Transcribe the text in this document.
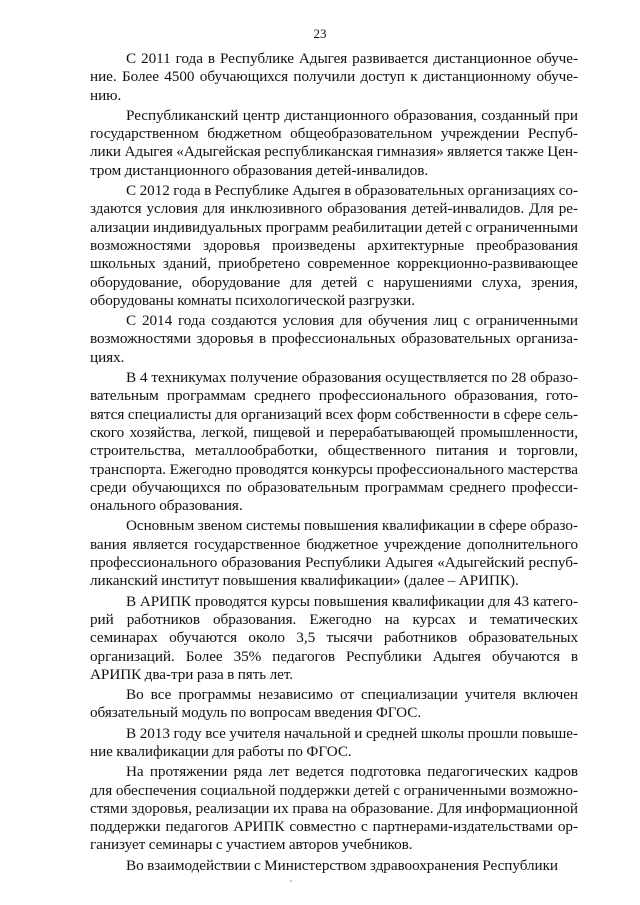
23

С 2011 года в Республике Адыгея развивается дистанционное обучение. Более 4500 обучающихся получили доступ к дистанционному обучению.

Республиканский центр дистанционного образования, созданный при государственном бюджетном общеобразовательном учреждении Республики Адыгея «Адыгейская республиканская гимназия» является также Центром дистанционного образования детей-инвалидов.

С 2012 года в Республике Адыгея в образовательных организациях создаются условия для инклюзивного образования детей-инвалидов. Для реализации индивидуальных программ реабилитации детей с ограниченными возможностями здоровья произведены архитектурные преобразования школьных зданий, приобретено современное коррекционно-развивающее оборудование, оборудование для детей с нарушениями слуха, зрения, оборудованы комнаты психологической разгрузки.

С 2014 года создаются условия для обучения лиц с ограниченными возможностями здоровья в профессиональных образовательных организациях.

В 4 техникумах получение образования осуществляется по 28 образовательным программам среднего профессионального образования, готовятся специалисты для организаций всех форм собственности в сфере сельского хозяйства, легкой, пищевой и перерабатывающей промышленности, строительства, металлообработки, общественного питания и торговли, транспорта. Ежегодно проводятся конкурсы профессионального мастерства среди обучающихся по образовательным программам среднего профессионального образования.

Основным звеном системы повышения квалификации в сфере образования является государственное бюджетное учреждение дополнительного профессионального образования Республики Адыгея «Адыгейский республиканский институт повышения квалификации» (далее – АРИПК).

В АРИПК проводятся курсы повышения квалификации для 43 категорий работников образования. Ежегодно на курсах и тематических семинарах обучаются около 3,5 тысячи работников образовательных организаций. Более 35% педагогов Республики Адыгея обучаются в АРИПК два-три раза в пять лет.

Во все программы независимо от специализации учителя включен обязательный модуль по вопросам введения ФГОС.

В 2013 году все учителя начальной и средней школы прошли повышение квалификации для работы по ФГОС.

На протяжении ряда лет ведется подготовка педагогических кадров для обеспечения социальной поддержки детей с ограниченными возможностями здоровья, реализации их права на образование. Для информационной поддержки педагогов АРИПК совместно с партнерами-издательствами организует семинары с участием авторов учебников.

Во взаимодействии с Министерством здравоохранения Республики
